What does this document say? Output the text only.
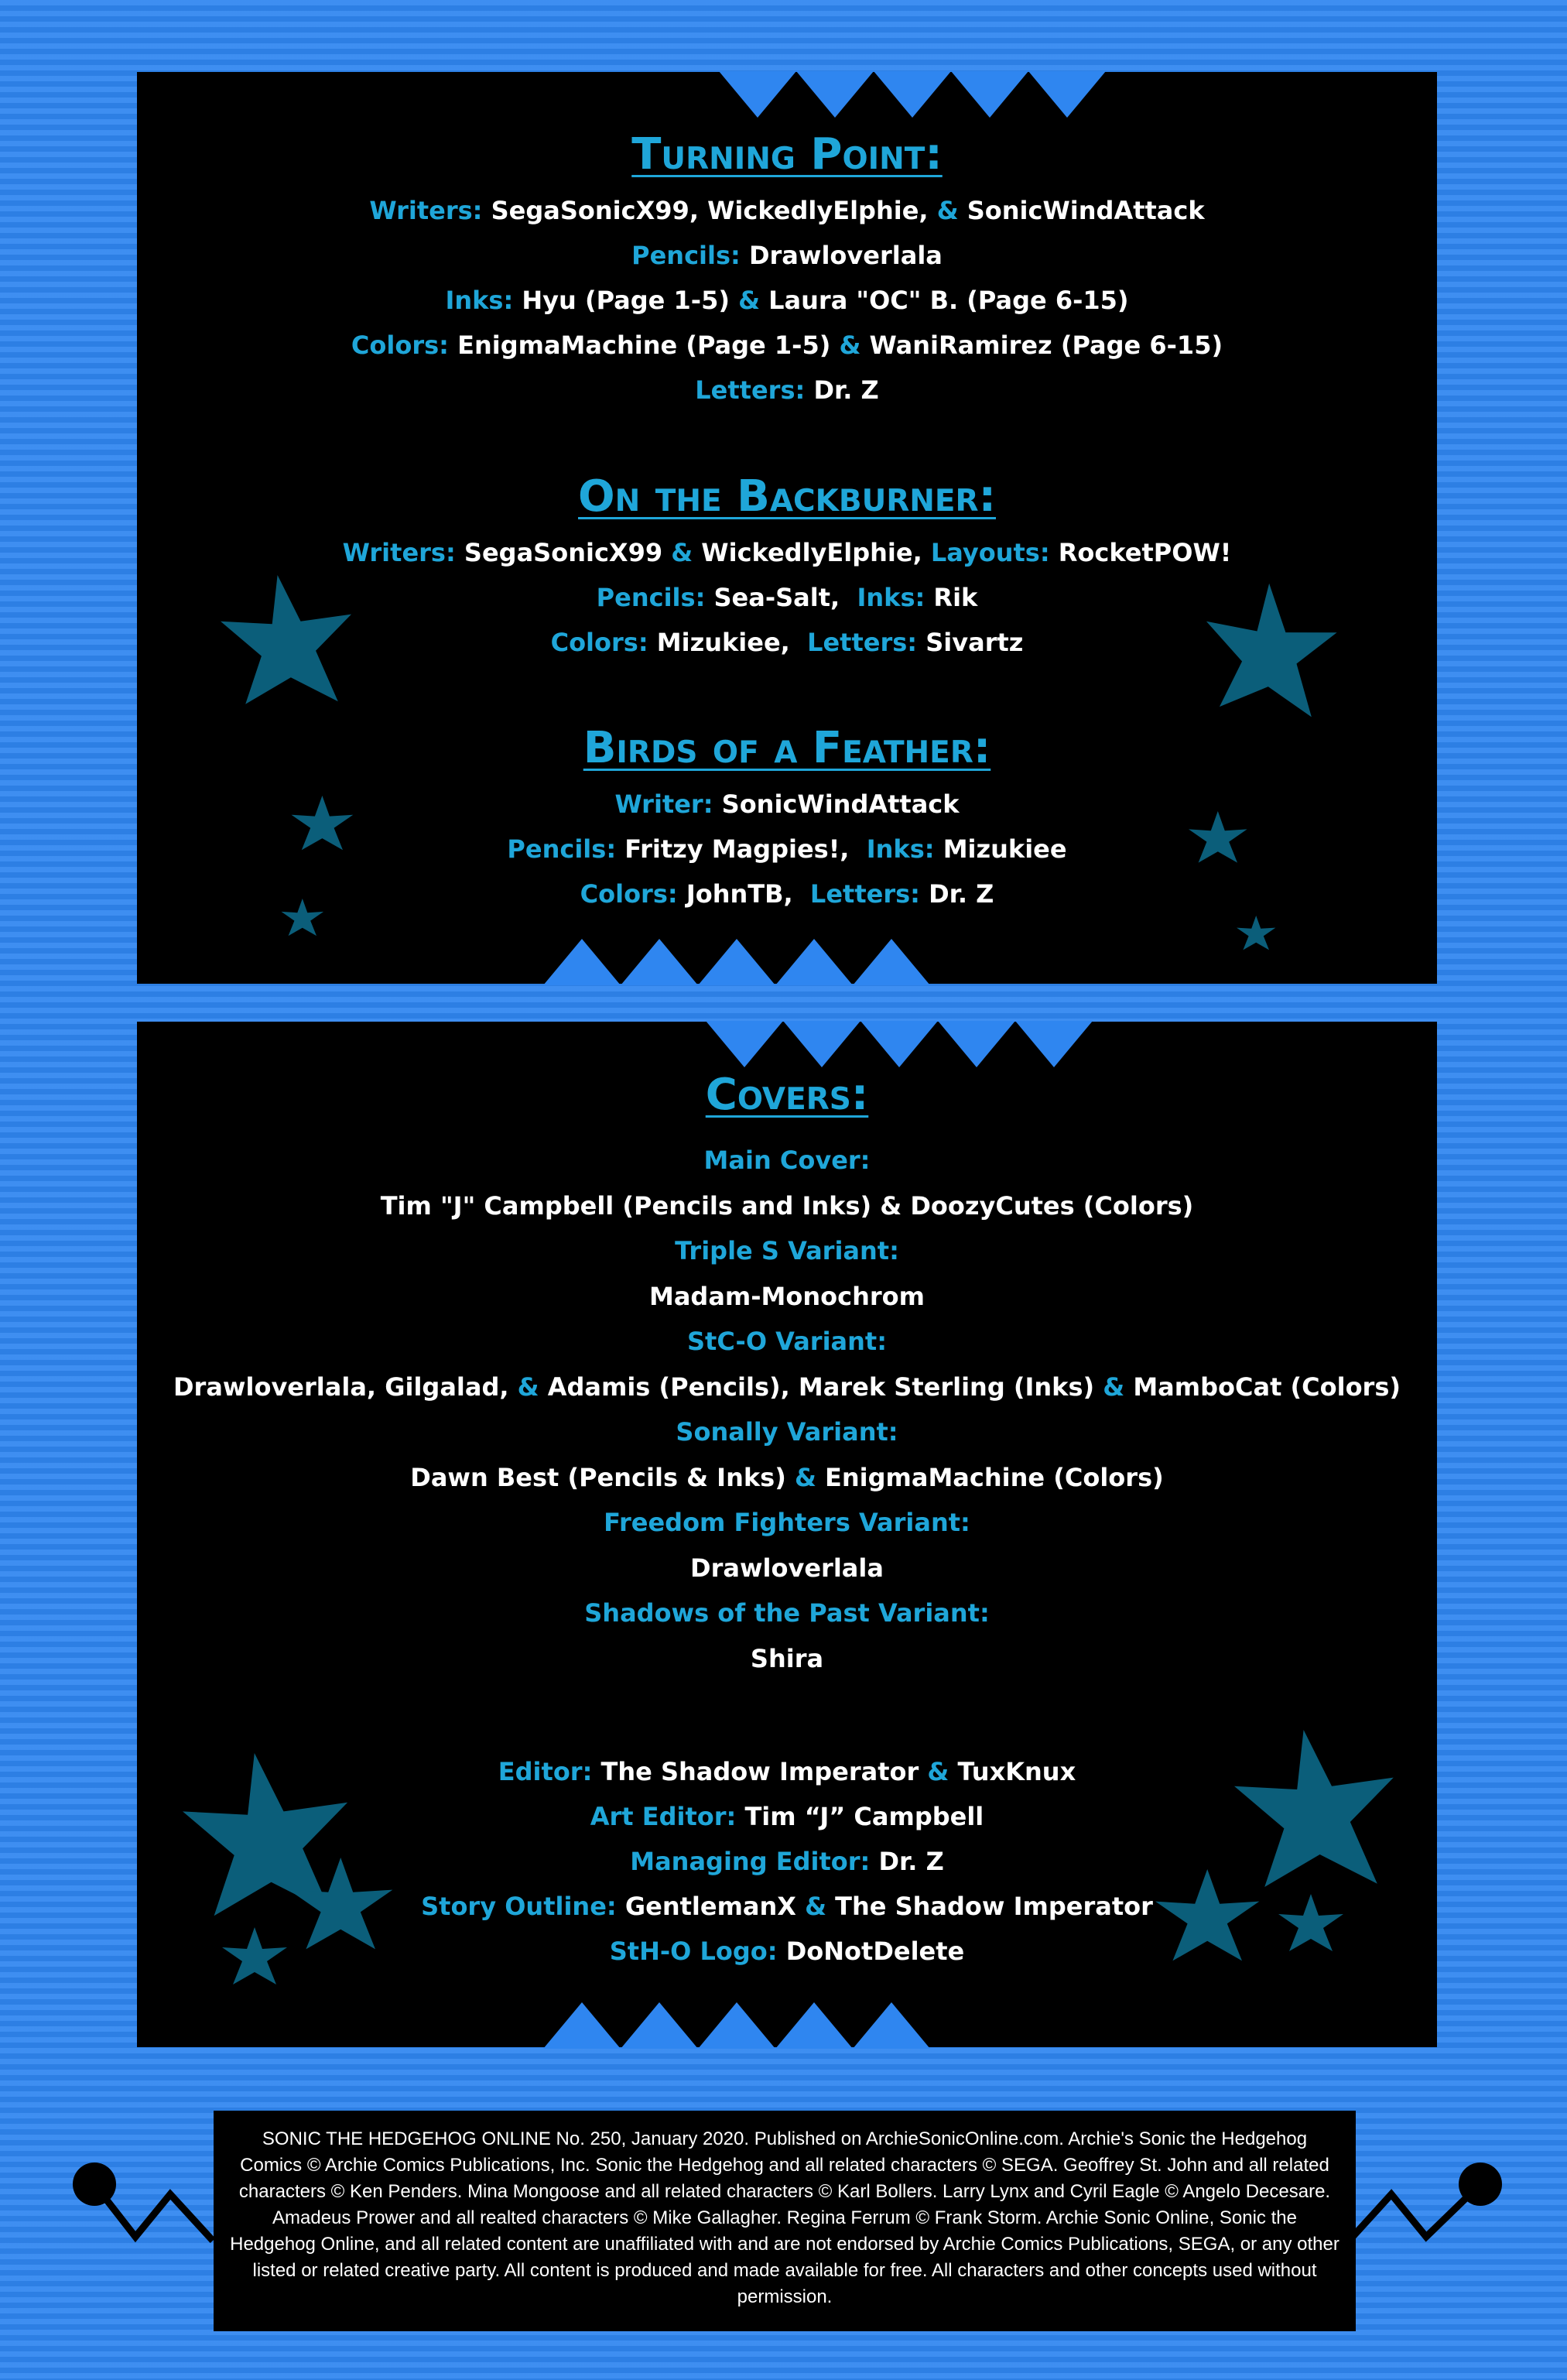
Turning Point:
Writers: SegaSonicX99, WickedlyElphie, & SonicWindAttack
Pencils: Drawloverlala
Inks: Hyu (Page 1-5) & Laura "OC" B. (Page 6-15)
Colors: EnigmaMachine (Page 1-5) & WaniRamirez (Page 6-15)
Letters: Dr. Z
On the Backburner:
Writers: SegaSonicX99 & WickedlyElphie, Layouts: RocketPOW!
Pencils: Sea-Salt, Inks: Rik
Colors: Mizukiee, Letters: Sivartz
Birds of a Feather:
Writer: SonicWindAttack
Pencils: Fritzy Magpies!, Inks: Mizukiee
Colors: JohnTB, Letters: Dr. Z
Covers:
Main Cover:
Tim "J" Campbell (Pencils and Inks) & DoozyCutes (Colors)
Triple S Variant:
Madam-Monochrom
StC-O Variant:
Drawloverlala, Gilgalad, & Adamis (Pencils), Marek Sterling (Inks) & MamboCat (Colors)
Sonally Variant:
Dawn Best (Pencils & Inks) & EnigmaMachine (Colors)
Freedom Fighters Variant:
Drawloverlala
Shadows of the Past Variant:
Shira
Editor: The Shadow Imperator & TuxKnux
Art Editor: Tim “J” Campbell
Managing Editor: Dr. Z
Story Outline: GentlemanX & The Shadow Imperator
StH-O Logo: DoNotDelete
SONIC THE HEDGEHOG ONLINE No. 250, January 2020. Published on ArchieSonicOnline.com. Archie's Sonic the Hedgehog Comics © Archie Comics Publications, Inc. Sonic the Hedgehog and all related characters © SEGA. Geoffrey St. John and all related characters © Ken Penders. Mina Mongoose and all related characters © Karl Bollers. Larry Lynx and Cyril Eagle © Angelo Decesare. Amadeus Prower and all realted characters © Mike Gallagher. Regina Ferrum © Frank Storm. Archie Sonic Online, Sonic the Hedgehog Online, and all related content are unaffiliated with and are not endorsed by Archie Comics Publications, SEGA, or any other listed or related creative party. All content is produced and made available for free. All characters and other concepts used without permission.
